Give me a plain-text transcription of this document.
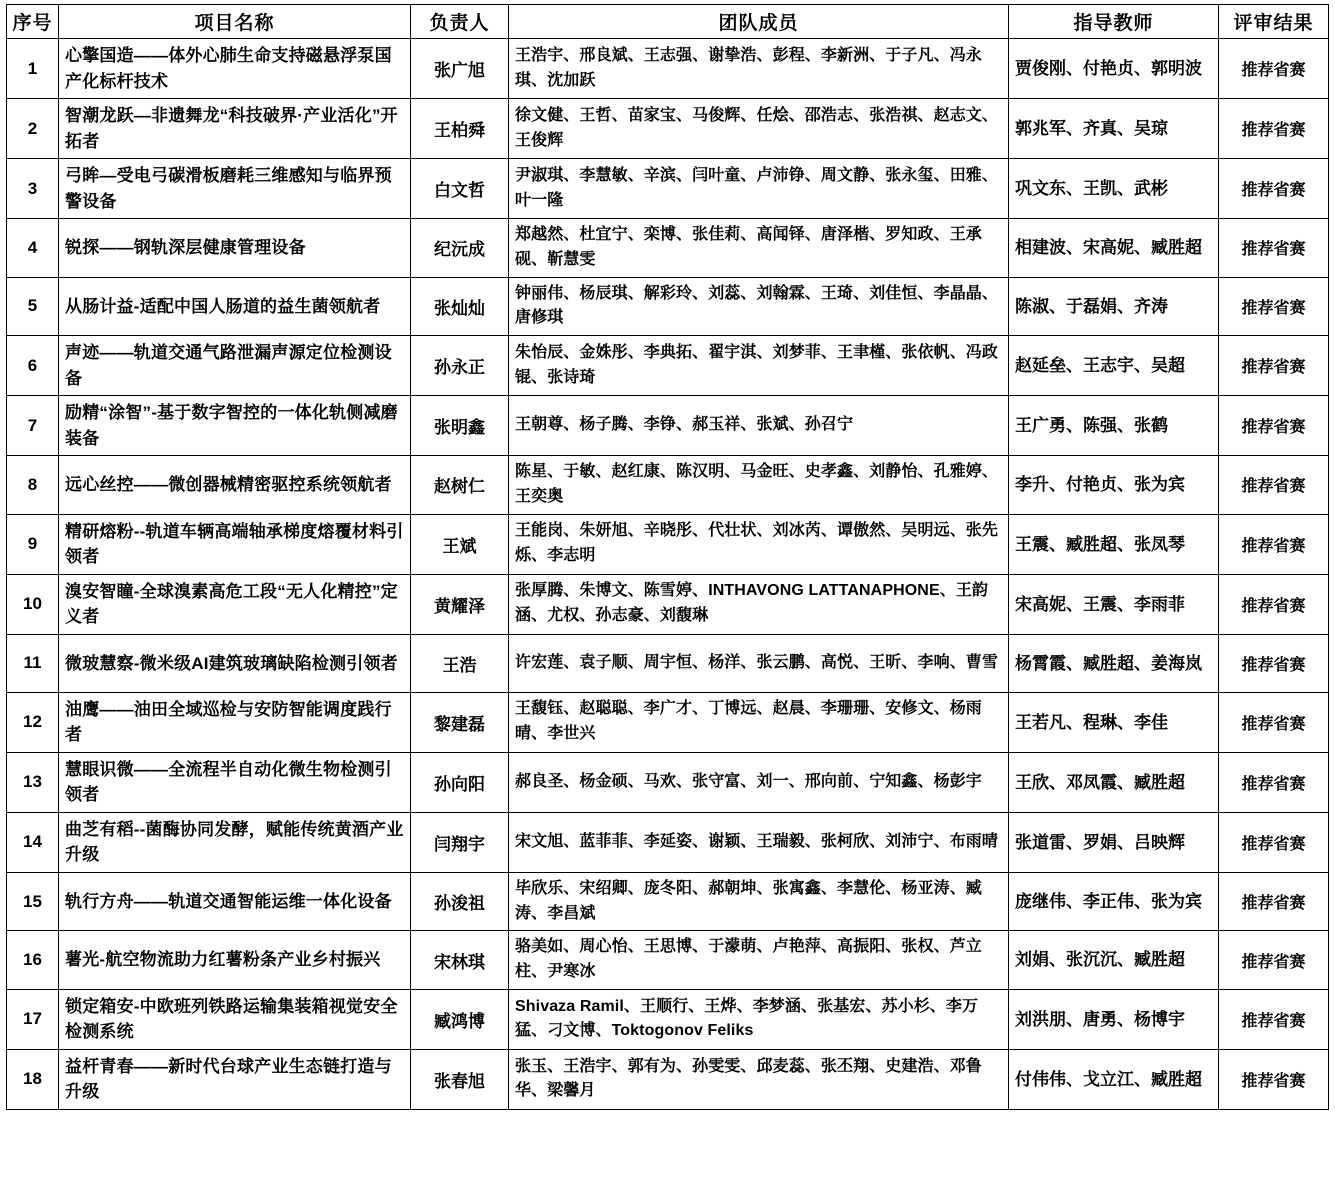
序号	项目名称	负责人	团队成员	指导教师	评审结果
1	心擎国造——体外心肺生命支持磁悬浮泵国产化标杆技术	张广旭	王浩宇、邢良斌、王志强、谢挚浩、彭程、李新洲、于子凡、冯永琪、沈加跃	贾俊刚、付艳贞、郭明波	推荐省赛
2	智潮龙跃—非遗舞龙“科技破界·产业活化”开拓者	王柏舜	徐文健、王哲、苗家宝、马俊辉、任烩、邵浩志、张浩祺、赵志文、王俊辉	郭兆军、齐真、吴琼	推荐省赛
3	弓眸—受电弓碳滑板磨耗三维感知与临界预警设备	白文哲	尹淑琪、李慧敏、辛滨、闫叶童、卢沛铮、周文静、张永玺、田雅、叶一隆	巩文东、王凯、武彬	推荐省赛
4	锐探——钢轨深层健康管理设备	纪沅成	郑越然、杜宜宁、栾博、张佳莉、高闻铎、唐泽楷、罗知政、王承砚、靳慧雯	相建波、宋高妮、臧胜超	推荐省赛
5	从肠计益-适配中国人肠道的益生菌领航者	张灿灿	钟丽伟、杨辰琪、解彩玲、刘蕊、刘翰霖、王琦、刘佳恒、李晶晶、唐修琪	陈淑、于磊娟、齐涛	推荐省赛
6	声迹——轨道交通气路泄漏声源定位检测设备	孙永正	朱怡辰、金姝彤、李典拓、翟宇淇、刘梦菲、王聿槿、张依帆、冯政锟、张诗琦	赵延垒、王志宇、吴超	推荐省赛
7	励精“涂智”-基于数字智控的一体化轨侧减磨装备	张明鑫	王朝尊、杨子腾、李铮、郝玉祥、张斌、孙召宁	王广勇、陈强、张鹤	推荐省赛
8	远心丝控——微创器械精密驱控系统领航者	赵树仁	陈星、于敏、赵红康、陈汉明、马金旺、史孝鑫、刘静怡、孔雅婷、王奕奥	李升、付艳贞、张为宾	推荐省赛
9	精研熔粉--轨道车辆高端轴承梯度熔覆材料引领者	王斌	王能岗、朱妍旭、辛晓彤、代壮状、刘冰芮、谭傲然、吴明远、张先烁、李志明	王震、臧胜超、张凤琴	推荐省赛
10	溴安智瞳-全球溴素高危工段“无人化精控”定义者	黄耀泽	张厚腾、朱博文、陈雪婷、INTHAVONG LATTANAPHONE、王韵涵、尤权、孙志豪、刘馥琳	宋高妮、王震、李雨菲	推荐省赛
11	微玻慧察-微米级AI建筑玻璃缺陷检测引领者	王浩	许宏莲、袁子顺、周宇恒、杨洋、张云鹏、高悦、王昕、李响、曹雪	杨霄霞、臧胜超、姜海岚	推荐省赛
12	油鹰——油田全域巡检与安防智能调度践行者	黎建磊	王馥钰、赵聪聪、李广才、丁博远、赵晨、李珊珊、安修文、杨雨晴、李世兴	王若凡、程琳、李佳	推荐省赛
13	慧眼识微——全流程半自动化微生物检测引领者	孙向阳	郝良圣、杨金硕、马欢、张守富、刘一、邢向前、宁知鑫、杨彭宇	王欣、邓凤霞、臧胜超	推荐省赛
14	曲芝有稻--菌酶协同发酵，赋能传统黄酒产业升级	闫翔宇	宋文旭、蓝菲菲、李延姿、谢颖、王瑞毅、张柯欣、刘沛宁、布雨晴	张道雷、罗娟、吕映辉	推荐省赛
15	轨行方舟——轨道交通智能运维一体化设备	孙浚祖	毕欣乐、宋绍卿、庞冬阳、郝朝坤、张寓鑫、李慧伦、杨亚涛、臧涛、李昌斌	庞继伟、李正伟、张为宾	推荐省赛
16	薯光-航空物流助力红薯粉条产业乡村振兴	宋林琪	骆美如、周心怡、王思博、于濛萌、卢艳萍、高振阳、张权、芦立柱、尹寒冰	刘娟、张沉沉、臧胜超	推荐省赛
17	锁定箱安-中欧班列铁路运输集装箱视觉安全检测系统	臧鸿博	Shivaza Ramil、王顺行、王烨、李梦涵、张基宏、苏小杉、李万猛、刁文博、Toktogonov Feliks	刘洪朋、唐勇、杨博宇	推荐省赛
18	益杆青春——新时代台球产业生态链打造与升级	张春旭	张玉、王浩宇、郭有为、孙雯雯、邱麦蕊、张丕翔、史建浩、邓鲁华、梁馨月	付伟伟、戈立江、臧胜超	推荐省赛
